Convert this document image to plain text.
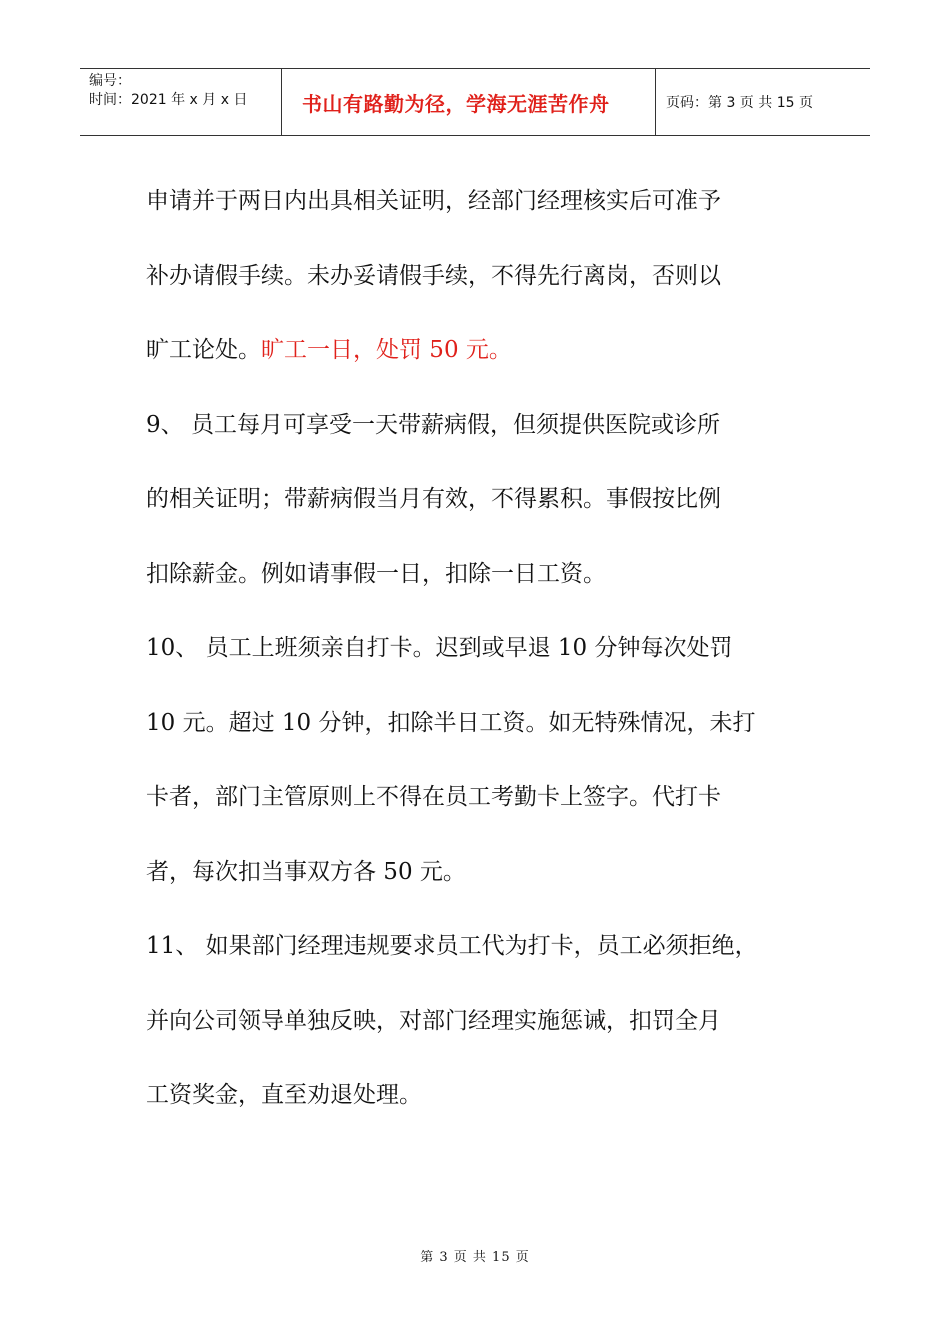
编号：
时间：2021 年 x 月 x 日	书山有路勤为径，学海无涯苦作舟	页码：第 3 页 共 15 页
申请并于两日内出具相关证明，经部门经理核实后可准予
补办请假手续。未办妥请假手续，不得先行离岗，否则以
旷工论处。旷工一日，处罚 50 元。
9、 员工每月可享受一天带薪病假，但须提供医院或诊所
的相关证明；带薪病假当月有效，不得累积。事假按比例
扣除薪金。例如请事假一日，扣除一日工资。
10、 员工上班须亲自打卡。迟到或早退 10 分钟每次处罚
10 元。超过 10 分钟，扣除半日工资。如无特殊情况，未打
卡者，部门主管原则上不得在员工考勤卡上签字。代打卡
者，每次扣当事双方各 50 元。
11、 如果部门经理违规要求员工代为打卡，员工必须拒绝，
并向公司领导单独反映，对部门经理实施惩诫，扣罚全月
工资奖金，直至劝退处理。
第 3 页 共 15 页
